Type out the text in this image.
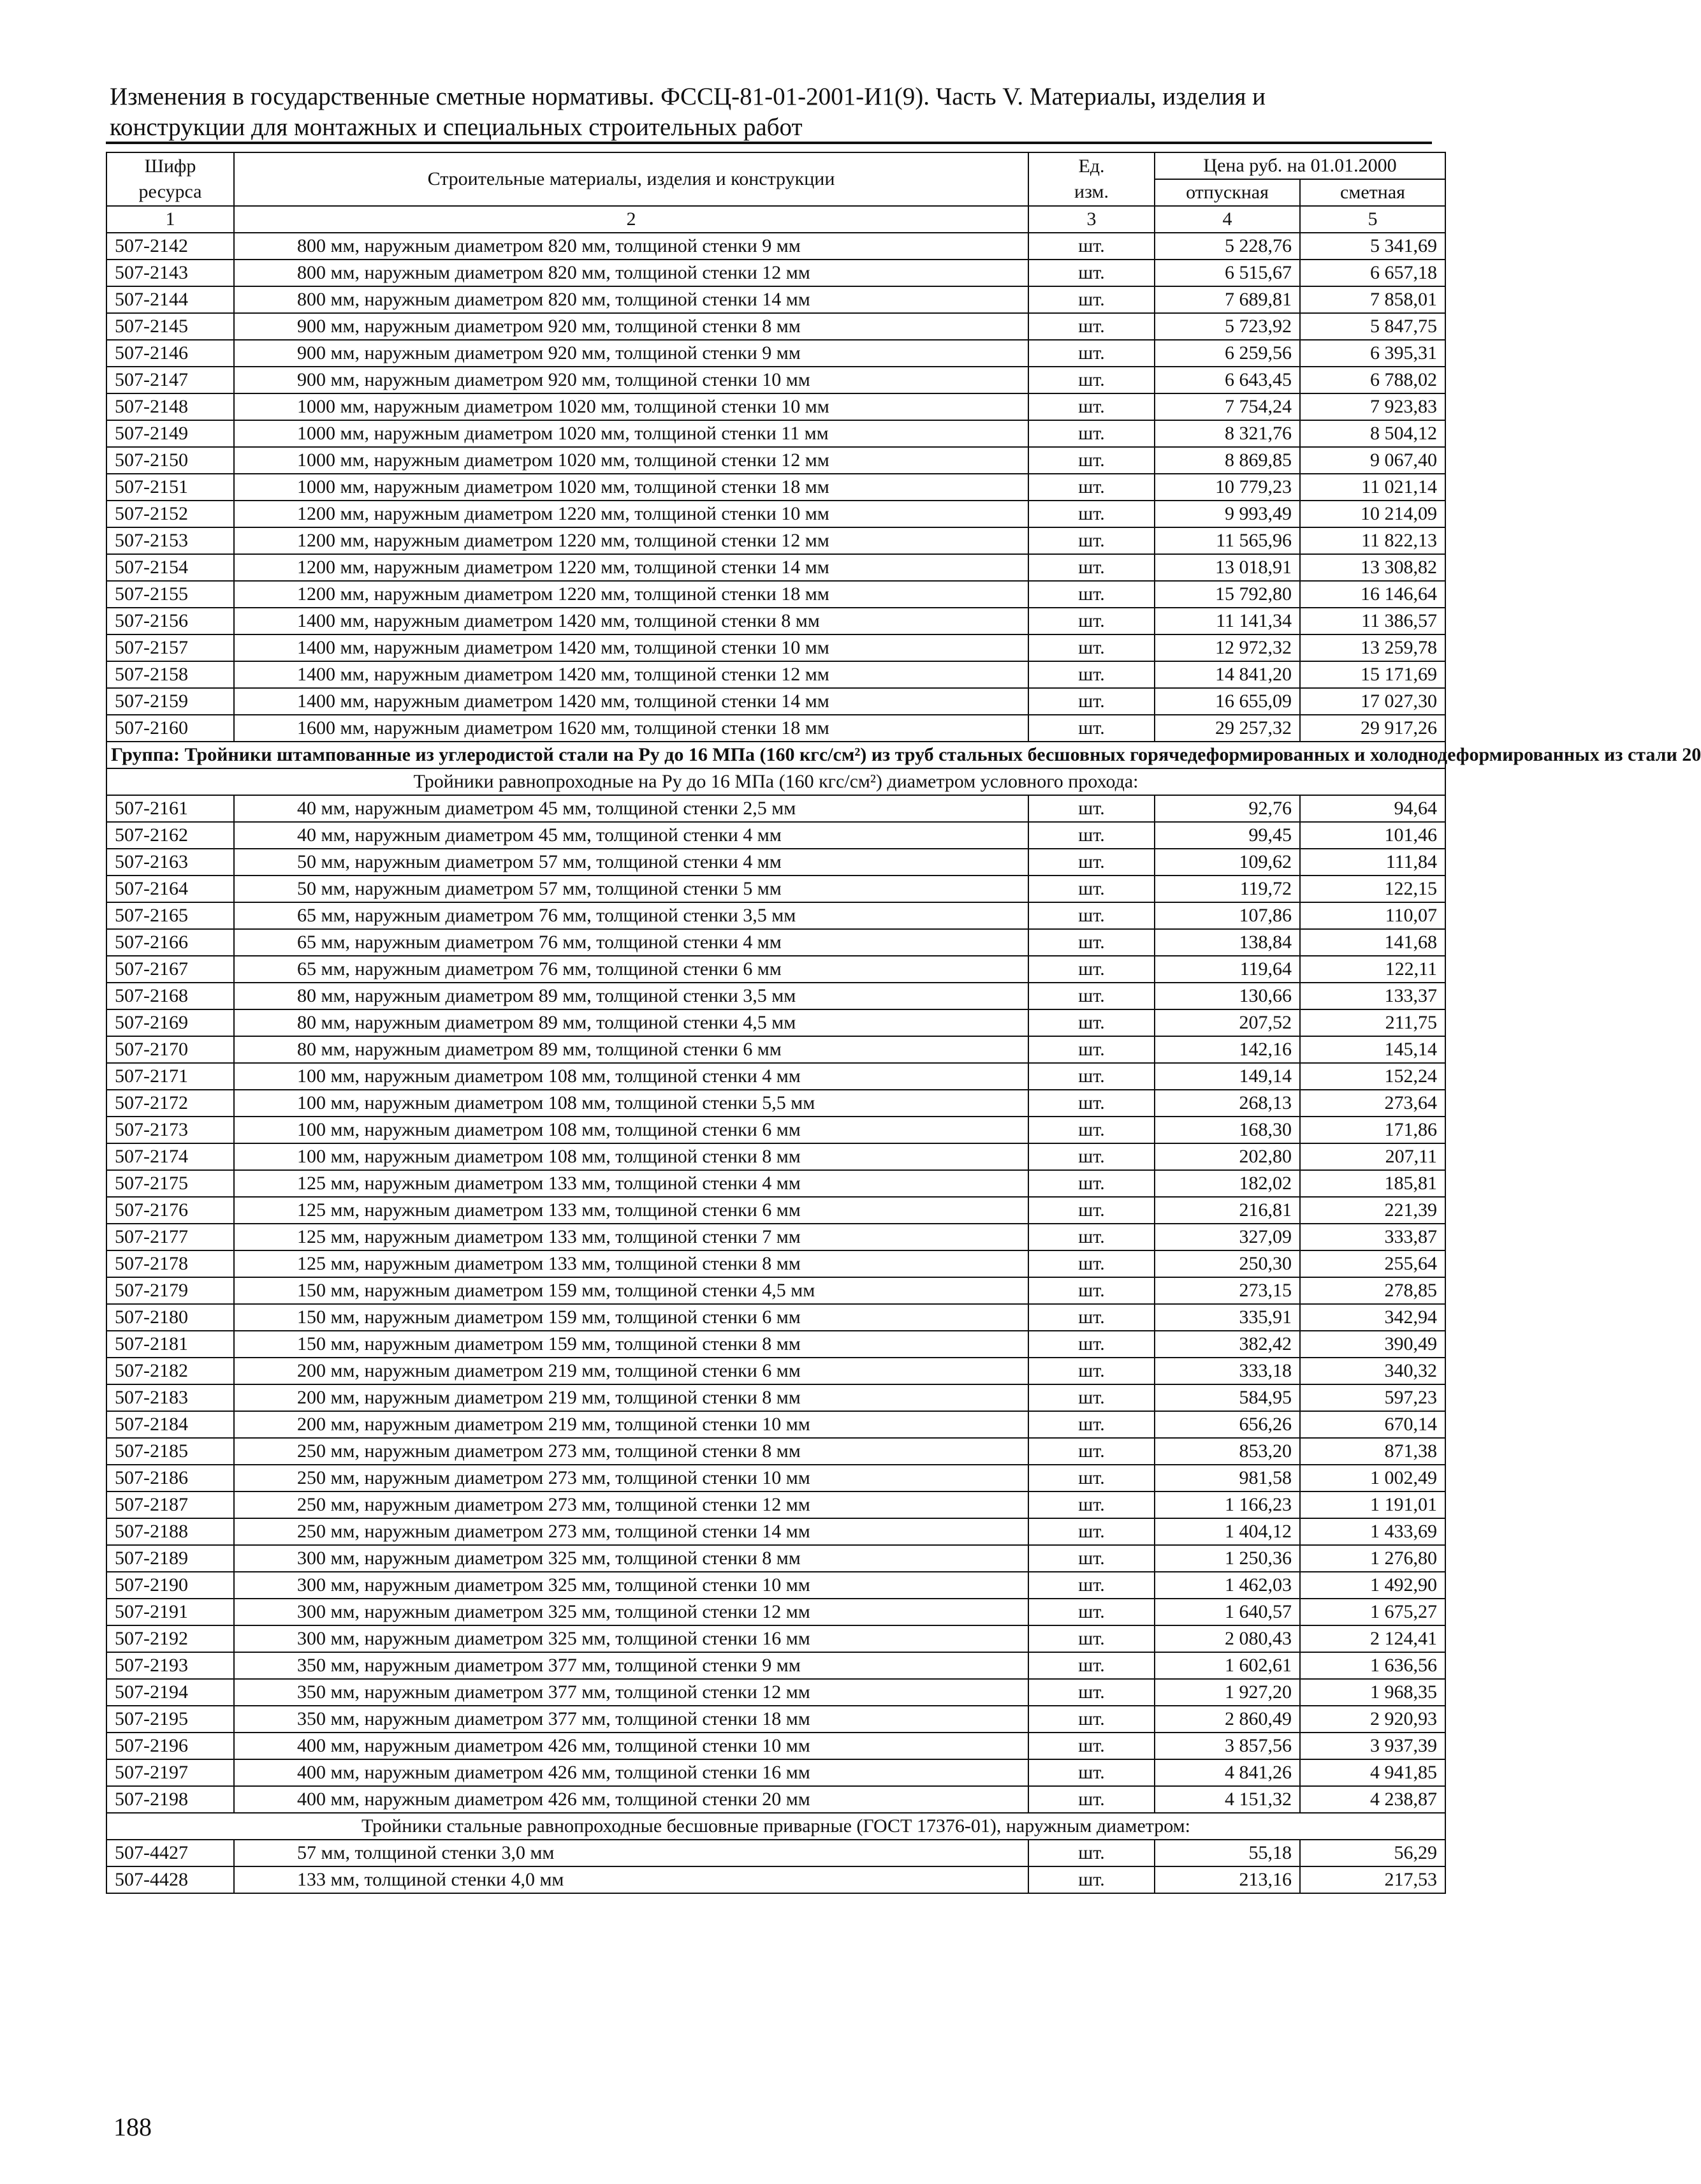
Изменения в государственные сметные нормативы. ФССЦ-81-01-2001-И1(9). Часть V. Материалы, изделия и
конструкции для монтажных и специальных строительных работ
Шифр ресурса	Строительные материалы, изделия и конструкции	Ед. изм.	Цена руб. на 01.01.2000	
			отпускная	сметная
1	2	3	4	5
507-2142	800 мм, наружным диаметром 820 мм, толщиной стенки 9 мм	шт.	5 228,76	5 341,69
507-2143	800 мм, наружным диаметром 820 мм, толщиной стенки 12 мм	шт.	6 515,67	6 657,18
507-2144	800 мм, наружным диаметром 820 мм, толщиной стенки 14 мм	шт.	7 689,81	7 858,01
507-2145	900 мм, наружным диаметром 920 мм, толщиной стенки 8 мм	шт.	5 723,92	5 847,75
507-2146	900 мм, наружным диаметром 920 мм, толщиной стенки 9 мм	шт.	6 259,56	6 395,31
507-2147	900 мм, наружным диаметром 920 мм, толщиной стенки 10 мм	шт.	6 643,45	6 788,02
507-2148	1000 мм, наружным диаметром 1020 мм, толщиной стенки 10 мм	шт.	7 754,24	7 923,83
507-2149	1000 мм, наружным диаметром 1020 мм, толщиной стенки 11 мм	шт.	8 321,76	8 504,12
507-2150	1000 мм, наружным диаметром 1020 мм, толщиной стенки 12 мм	шт.	8 869,85	9 067,40
507-2151	1000 мм, наружным диаметром 1020 мм, толщиной стенки 18 мм	шт.	10 779,23	11 021,14
507-2152	1200 мм, наружным диаметром 1220 мм, толщиной стенки 10 мм	шт.	9 993,49	10 214,09
507-2153	1200 мм, наружным диаметром 1220 мм, толщиной стенки 12 мм	шт.	11 565,96	11 822,13
507-2154	1200 мм, наружным диаметром 1220 мм, толщиной стенки 14 мм	шт.	13 018,91	13 308,82
507-2155	1200 мм, наружным диаметром 1220 мм, толщиной стенки 18 мм	шт.	15 792,80	16 146,64
507-2156	1400 мм, наружным диаметром 1420 мм, толщиной стенки 8 мм	шт.	11 141,34	11 386,57
507-2157	1400 мм, наружным диаметром 1420 мм, толщиной стенки 10 мм	шт.	12 972,32	13 259,78
507-2158	1400 мм, наружным диаметром 1420 мм, толщиной стенки 12 мм	шт.	14 841,20	15 171,69
507-2159	1400 мм, наружным диаметром 1420 мм, толщиной стенки 14 мм	шт.	16 655,09	17 027,30
507-2160	1600 мм, наружным диаметром 1620 мм, толщиной стенки 18 мм	шт.	29 257,32	29 917,26
Группа: Тройники штампованные из углеродистой стали на Ру до 16 МПа (160 кгс/см²) из труб стальных бесшовных горячедеформированных и холоднодеформированных из стали 20				
Тройники равнопроходные на Ру до 16 МПа (160 кгс/см²) диаметром условного прохода:				
507-2161	40 мм, наружным диаметром 45 мм, толщиной стенки 2,5 мм	шт.	92,76	94,64
507-2162	40 мм, наружным диаметром 45 мм, толщиной стенки 4 мм	шт.	99,45	101,46
507-2163	50 мм, наружным диаметром 57 мм, толщиной стенки 4 мм	шт.	109,62	111,84
507-2164	50 мм, наружным диаметром 57 мм, толщиной стенки 5 мм	шт.	119,72	122,15
507-2165	65 мм, наружным диаметром 76 мм, толщиной стенки 3,5 мм	шт.	107,86	110,07
507-2166	65 мм, наружным диаметром 76 мм, толщиной стенки 4 мм	шт.	138,84	141,68
507-2167	65 мм, наружным диаметром 76 мм, толщиной стенки 6 мм	шт.	119,64	122,11
507-2168	80 мм, наружным диаметром 89 мм, толщиной стенки 3,5 мм	шт.	130,66	133,37
507-2169	80 мм, наружным диаметром 89 мм, толщиной стенки 4,5 мм	шт.	207,52	211,75
507-2170	80 мм, наружным диаметром 89 мм, толщиной стенки 6 мм	шт.	142,16	145,14
507-2171	100 мм, наружным диаметром 108 мм, толщиной стенки 4 мм	шт.	149,14	152,24
507-2172	100 мм, наружным диаметром 108 мм, толщиной стенки 5,5 мм	шт.	268,13	273,64
507-2173	100 мм, наружным диаметром 108 мм, толщиной стенки 6 мм	шт.	168,30	171,86
507-2174	100 мм, наружным диаметром 108 мм, толщиной стенки 8 мм	шт.	202,80	207,11
507-2175	125 мм, наружным диаметром 133 мм, толщиной стенки 4 мм	шт.	182,02	185,81
507-2176	125 мм, наружным диаметром 133 мм, толщиной стенки 6 мм	шт.	216,81	221,39
507-2177	125 мм, наружным диаметром 133 мм, толщиной стенки 7 мм	шт.	327,09	333,87
507-2178	125 мм, наружным диаметром 133 мм, толщиной стенки 8 мм	шт.	250,30	255,64
507-2179	150 мм, наружным диаметром 159 мм, толщиной стенки 4,5 мм	шт.	273,15	278,85
507-2180	150 мм, наружным диаметром 159 мм, толщиной стенки 6 мм	шт.	335,91	342,94
507-2181	150 мм, наружным диаметром 159 мм, толщиной стенки 8 мм	шт.	382,42	390,49
507-2182	200 мм, наружным диаметром 219 мм, толщиной стенки 6 мм	шт.	333,18	340,32
507-2183	200 мм, наружным диаметром 219 мм, толщиной стенки 8 мм	шт.	584,95	597,23
507-2184	200 мм, наружным диаметром 219 мм, толщиной стенки 10 мм	шт.	656,26	670,14
507-2185	250 мм, наружным диаметром 273 мм, толщиной стенки 8 мм	шт.	853,20	871,38
507-2186	250 мм, наружным диаметром 273 мм, толщиной стенки 10 мм	шт.	981,58	1 002,49
507-2187	250 мм, наружным диаметром 273 мм, толщиной стенки 12 мм	шт.	1 166,23	1 191,01
507-2188	250 мм, наружным диаметром 273 мм, толщиной стенки 14 мм	шт.	1 404,12	1 433,69
507-2189	300 мм, наружным диаметром 325 мм, толщиной стенки 8 мм	шт.	1 250,36	1 276,80
507-2190	300 мм, наружным диаметром 325 мм, толщиной стенки 10 мм	шт.	1 462,03	1 492,90
507-2191	300 мм, наружным диаметром 325 мм, толщиной стенки 12 мм	шт.	1 640,57	1 675,27
507-2192	300 мм, наружным диаметром 325 мм, толщиной стенки 16 мм	шт.	2 080,43	2 124,41
507-2193	350 мм, наружным диаметром 377 мм, толщиной стенки 9 мм	шт.	1 602,61	1 636,56
507-2194	350 мм, наружным диаметром 377 мм, толщиной стенки 12 мм	шт.	1 927,20	1 968,35
507-2195	350 мм, наружным диаметром 377 мм, толщиной стенки 18 мм	шт.	2 860,49	2 920,93
507-2196	400 мм, наружным диаметром 426 мм, толщиной стенки 10 мм	шт.	3 857,56	3 937,39
507-2197	400 мм, наружным диаметром 426 мм, толщиной стенки 16 мм	шт.	4 841,26	4 941,85
507-2198	400 мм, наружным диаметром 426 мм, толщиной стенки 20 мм	шт.	4 151,32	4 238,87
Тройники стальные равнопроходные бесшовные приварные (ГОСТ 17376-01), наружным диаметром:				
507-4427	57 мм, толщиной стенки 3,0 мм	шт.	55,18	56,29
507-4428	133 мм, толщиной стенки 4,0 мм	шт.	213,16	217,53
188
